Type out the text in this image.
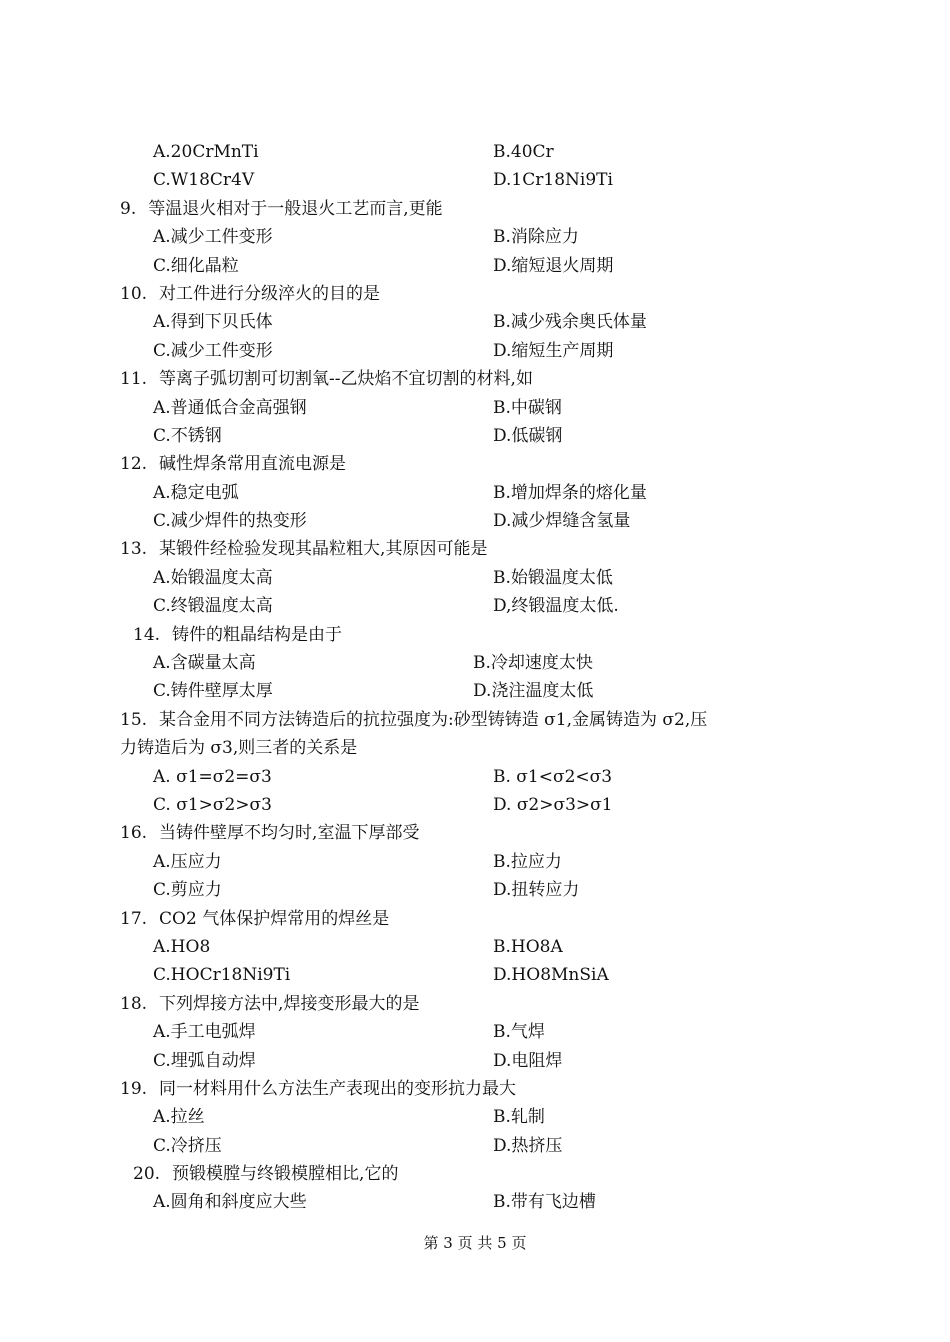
A.20CrMnTi	B.40Cr
C.W18Cr4V	D.1Cr18Ni9Ti
9. 等温退火相对于一般退火工艺而言,更能
A.减少工件变形	B.消除应力
C.细化晶粒	D.缩短退火周期
10. 对工件进行分级淬火的目的是
A.得到下贝氏体	B.减少残余奥氏体量
C.减少工件变形	D.缩短生产周期
11. 等离子弧切割可切割氧--乙炔焰不宜切割的材料,如
A.普通低合金高强钢	B.中碳钢
C.不锈钢	D.低碳钢
12. 碱性焊条常用直流电源是
A.稳定电弧	B.增加焊条的熔化量
C.减少焊件的热变形	D.减少焊缝含氢量
13. 某锻件经检验发现其晶粒粗大,其原因可能是
A.始锻温度太高	B.始锻温度太低
C.终锻温度太高	D,终锻温度太低.
14. 铸件的粗晶结构是由于
A.含碳量太高	B.冷却速度太快
C.铸件壁厚太厚	D.浇注温度太低
15. 某合金用不同方法铸造后的抗拉强度为:砂型铸铸造 σ1,金属铸造为 σ2,压
力铸造后为 σ3,则三者的关系是
A. σ1=σ2=σ3	B. σ1<σ2<σ3
C. σ1>σ2>σ3	D. σ2>σ3>σ1
16. 当铸件壁厚不均匀时,室温下厚部受
A.压应力	B.拉应力
C.剪应力	D.扭转应力
17. CO2 气体保护焊常用的焊丝是
A.HO8	B.HO8A
C.HOCr18Ni9Ti	D.HO8MnSiA
18. 下列焊接方法中,焊接变形最大的是
A.手工电弧焊	B.气焊
C.埋弧自动焊	D.电阻焊
19. 同一材料用什么方法生产表现出的变形抗力最大
A.拉丝	B.轧制
C.冷挤压	D.热挤压
20. 预锻模膛与终锻模膛相比,它的
A.圆角和斜度应大些	B.带有飞边槽
第 3 页 共 5 页
